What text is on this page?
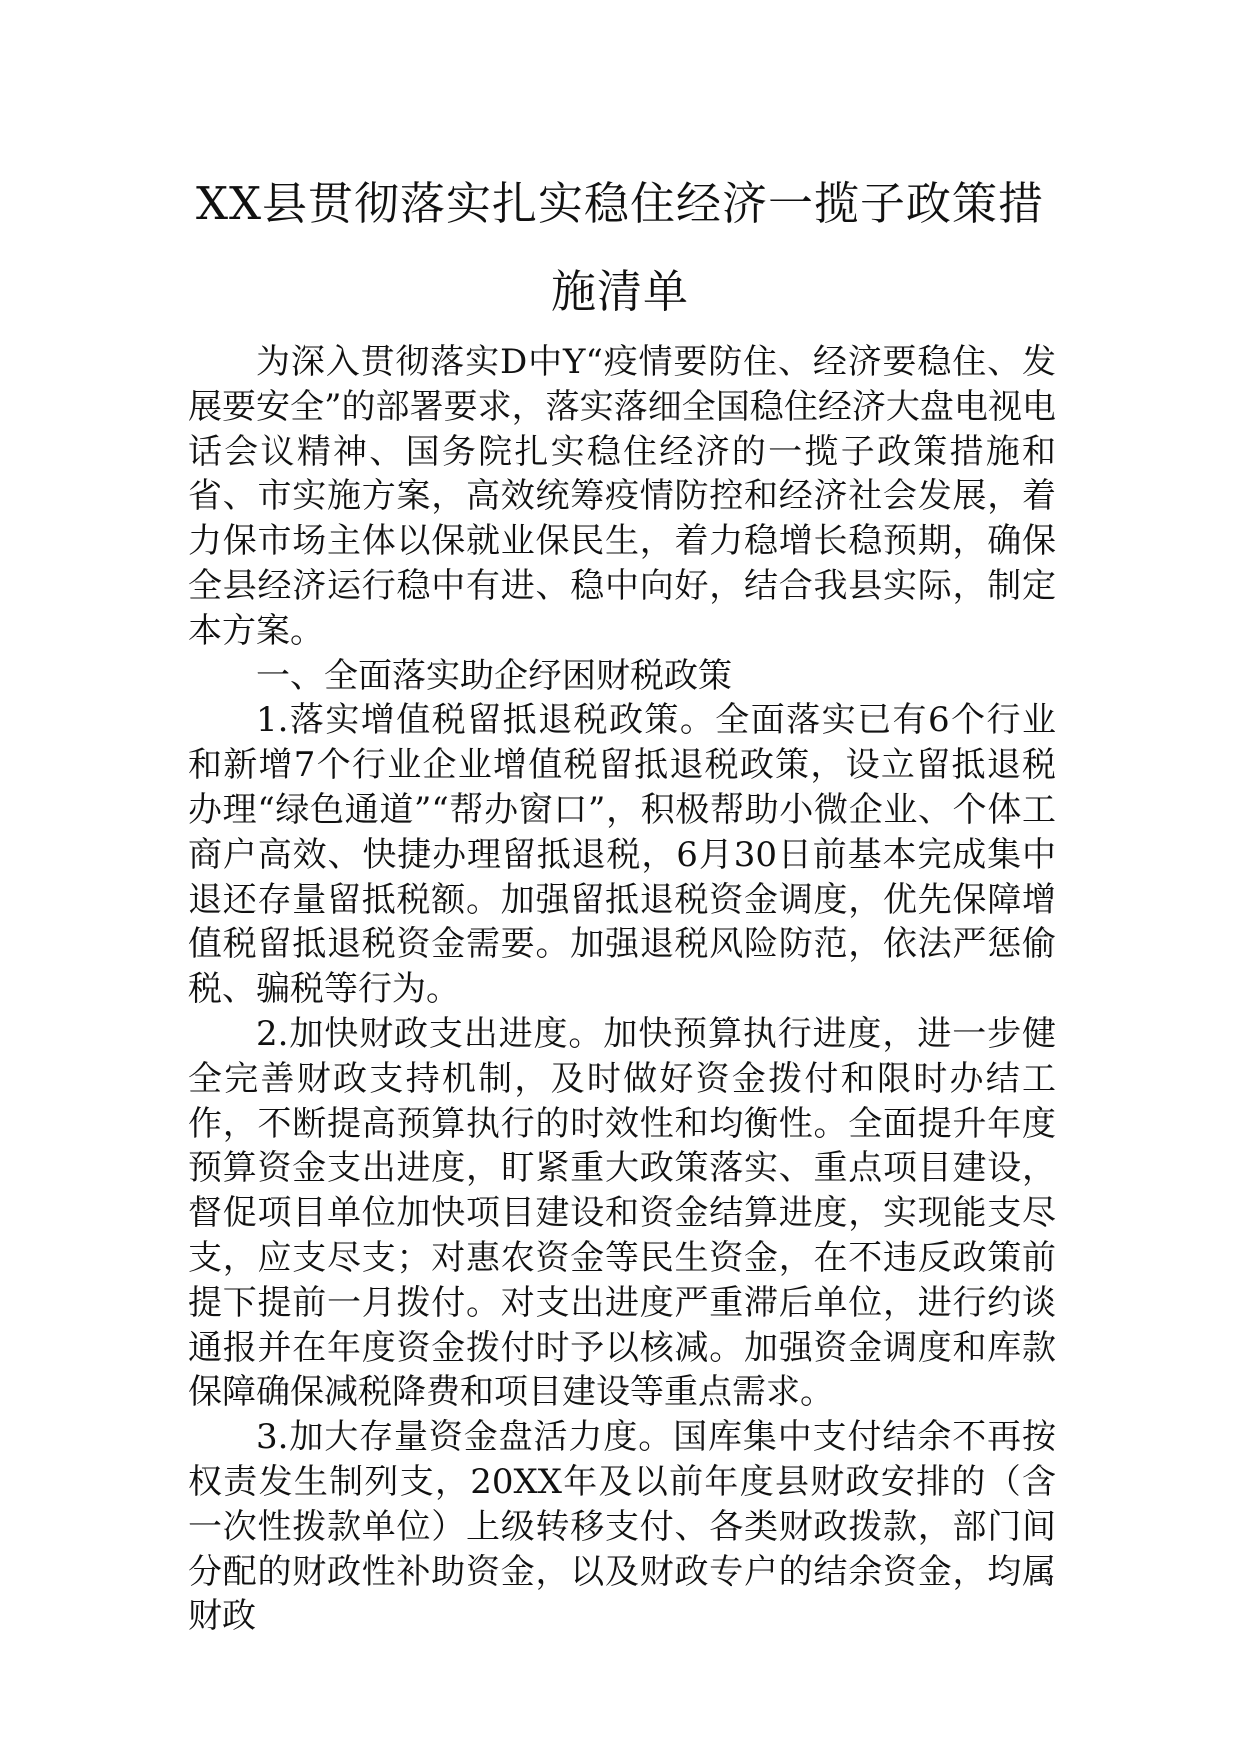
XX县贯彻落实扎实稳住经济一揽子政策措施清单

为深入贯彻落实D中Y“疫情要防住、经济要稳住、发展要安全”的部署要求，落实落细全国稳住经济大盘电视电话会议精神、国务院扎实稳住经济的一揽子政策措施和省、市实施方案，高效统筹疫情防控和经济社会发展，着力保市场主体以保就业保民生，着力稳增长稳预期，确保全县经济运行稳中有进、稳中向好，结合我县实际，制定本方案。

一、全面落实助企纾困财税政策

1.落实增值税留抵退税政策。全面落实已有6个行业和新增7个行业企业增值税留抵退税政策，设立留抵退税办理“绿色通道”“帮办窗口”，积极帮助小微企业、个体工商户高效、快捷办理留抵退税，6月30日前基本完成集中退还存量留抵税额。加强留抵退税资金调度，优先保障增值税留抵退税资金需要。加强退税风险防范，依法严惩偷税、骗税等行为。

2.加快财政支出进度。加快预算执行进度，进一步健全完善财政支持机制，及时做好资金拨付和限时办结工作，不断提高预算执行的时效性和均衡性。全面提升年度预算资金支出进度，盯紧重大政策落实、重点项目建设，督促项目单位加快项目建设和资金结算进度，实现能支尽支，应支尽支；对惠农资金等民生资金，在不违反政策前提下提前一月拨付。对支出进度严重滞后单位，进行约谈通报并在年度资金拨付时予以核减。加强资金调度和库款保障确保减税降费和项目建设等重点需求。

3.加大存量资金盘活力度。国库集中支付结余不再按权责发生制列支，20XX年及以前年度县财政安排的（含一次性拨款单位）上级转移支付、各类财政拨款，部门间分配的财政性补助资金，以及财政专户的结余资金，均属财政
